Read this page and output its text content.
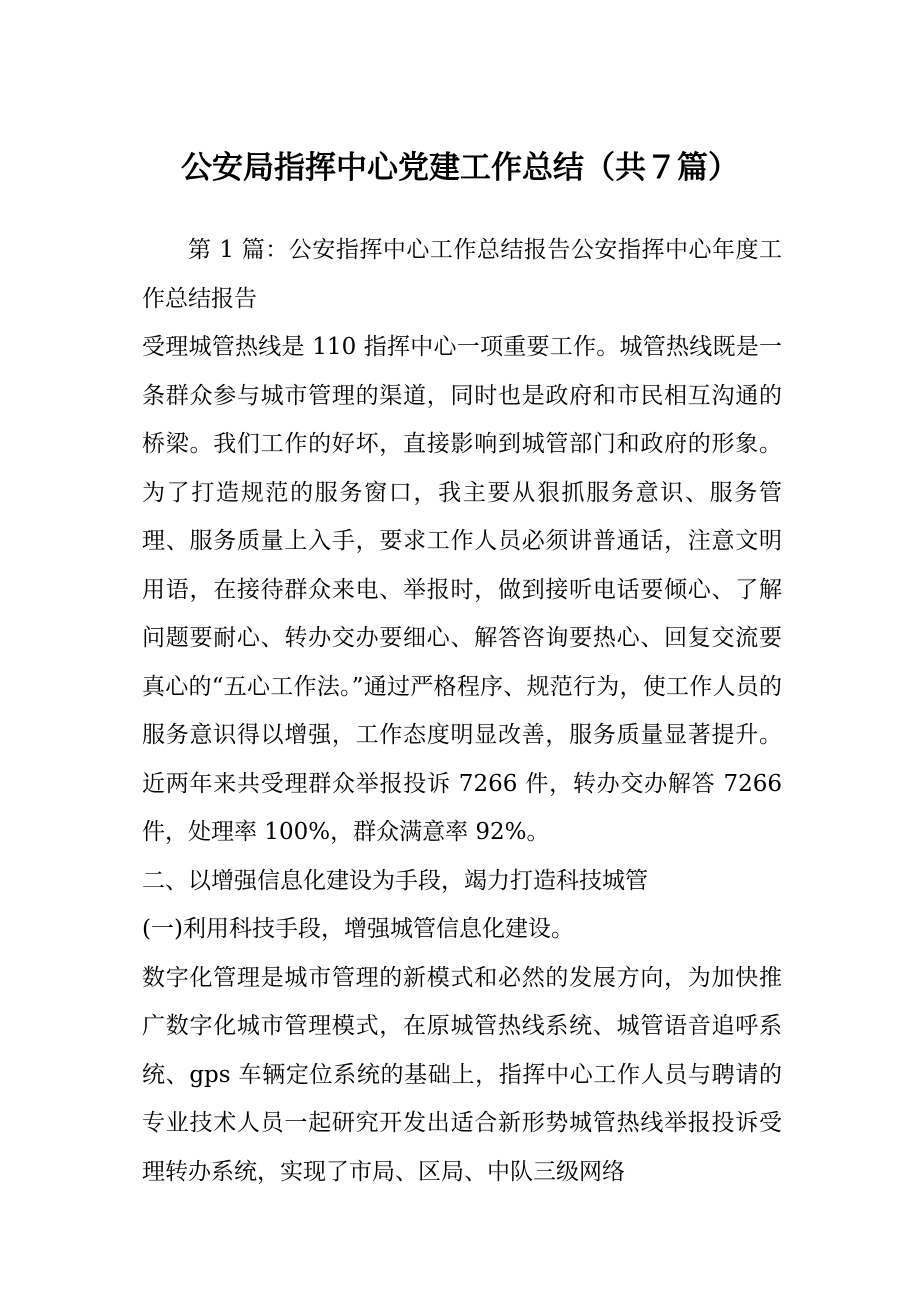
公安局指挥中心党建工作总结（共７篇）

第 1 篇：公安指挥中心工作总结报告公安指挥中心年度工作总结报告

受理城管热线是 110 指挥中心一项重要工作。城管热线既是一条群众参与城市管理的渠道，同时也是政府和市民相互沟通的桥梁。我们工作的好坏，直接影响到城管部门和政府的形象。为了打造规范的服务窗口，我主要从狠抓服务意识、服务管理、服务质量上入手，要求工作人员必须讲普通话，注意文明用语，在接待群众来电、举报时，做到接听电话要倾心、了解问题要耐心、转办交办要细心、解答咨询要热心、回复交流要真心的“五心工作法。”通过严格程序、规范行为，使工作人员的服务意识得以增强，工作态度明显改善，服务质量显著提升。近两年来共受理群众举报投诉 7266 件，转办交办解答 7266 件，处理率 100%，群众满意率 92%。

二、以增强信息化建设为手段，竭力打造科技城管

(一)利用科技手段，增强城管信息化建设。

数字化管理是城市管理的新模式和必然的发展方向，为加快推广数字化城市管理模式，在原城管热线系统、城管语音追呼系统、gps 车辆定位系统的基础上，指挥中心工作人员与聘请的专业技术人员一起研究开发出适合新形势城管热线举报投诉受理转办系统，实现了市局、区局、中队三级网络
